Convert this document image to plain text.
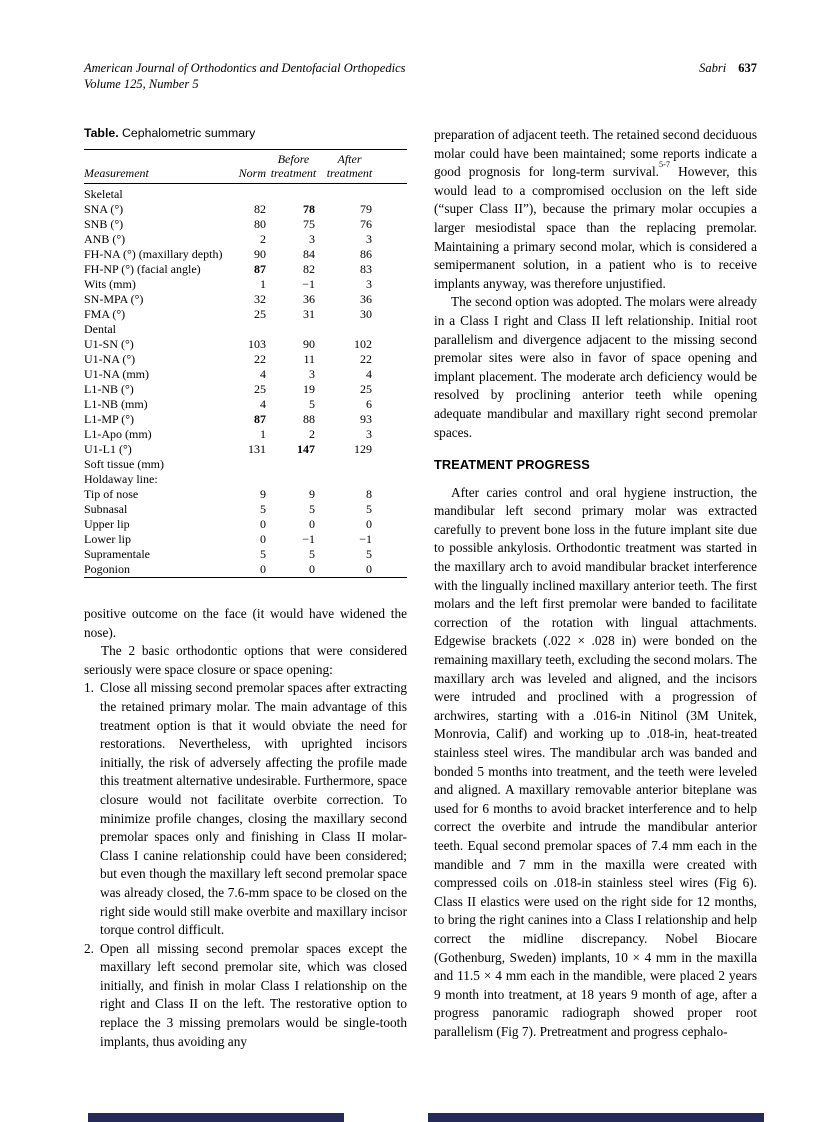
American Journal of Orthodontics and Dentofacial Orthopedics
Volume 125, Number 5
Sabri 637

Table. Cephalometric summary

Measurement	Norm	Before treatment	After treatment	
Skeletal				
SNA (°)	82	78	79	
SNB (°)	80	75	76	
ANB (°)	2	3	3	
FH-NA (°) (maxillary depth)	90	84	86	
FH-NP (°) (facial angle)	87	82	83	
Wits (mm)	1	−1	3	
SN-MPA (°)	32	36	36	
FMA (°)	25	31	30	
Dental				
U1-SN (°)	103	90	102	
U1-NA (°)	22	11	22	
U1-NA (mm)	4	3	4	
L1-NB (°)	25	19	25	
L1-NB (mm)	4	5	6	
L1-MP (°)	87	88	93	
L1-Apo (mm)	1	2	3	
U1-L1 (°)	131	147	129	
Soft tissue (mm)				
Holdaway line:				
Tip of nose	9	9	8	
Subnasal	5	5	5	
Upper lip	0	0	0	
Lower lip	0	−1	−1	
Supramentale	5	5	5	
Pogonion	0	0	0	

positive outcome on the face (it would have widened the nose).

The 2 basic orthodontic options that were considered seriously were space closure or space opening:

1. Close all missing second premolar spaces after extracting the retained primary molar. The main advantage of this treatment option is that it would obviate the need for restorations. Nevertheless, with uprighted incisors initially, the risk of adversely affecting the profile made this treatment alternative undesirable. Furthermore, space closure would not facilitate overbite correction. To minimize profile changes, closing the maxillary second premolar spaces only and finishing in Class II molar-Class I canine relationship could have been considered; but even though the maxillary left second premolar space was already closed, the 7.6-mm space to be closed on the right side would still make overbite and maxillary incisor torque control difficult.
2. Open all missing second premolar spaces except the maxillary left second premolar site, which was closed initially, and finish in molar Class I relationship on the right and Class II on the left. The restorative option to replace the 3 missing premolars would be single-tooth implants, thus avoiding any

preparation of adjacent teeth. The retained second deciduous molar could have been maintained; some reports indicate a good prognosis for long-term survival.$^{5-7}$ However, this would lead to a compromised occlusion on the left side (“super Class II”), because the primary molar occupies a larger mesiodistal space than the replacing premolar. Maintaining a primary second molar, which is considered a semipermanent solution, in a patient who is to receive implants anyway, was therefore unjustified.

The second option was adopted. The molars were already in a Class I right and Class II left relationship. Initial root parallelism and divergence adjacent to the missing second premolar sites were also in favor of space opening and implant placement. The moderate arch deficiency would be resolved by proclining anterior teeth while opening adequate mandibular and maxillary right second premolar spaces.

TREATMENT PROGRESS

After caries control and oral hygiene instruction, the mandibular left second primary molar was extracted carefully to prevent bone loss in the future implant site due to possible ankylosis. Orthodontic treatment was started in the maxillary arch to avoid mandibular bracket interference with the lingually inclined maxillary anterior teeth. The first molars and the left first premolar were banded to facilitate correction of the rotation with lingual attachments. Edgewise brackets (.022 × .028 in) were bonded on the remaining maxillary teeth, excluding the second molars. The maxillary arch was leveled and aligned, and the incisors were intruded and proclined with a progression of archwires, starting with a .016-in Nitinol (3M Unitek, Monrovia, Calif) and working up to .018-in, heat-treated stainless steel wires. The mandibular arch was banded and bonded 5 months into treatment, and the teeth were leveled and aligned. A maxillary removable anterior biteplane was used for 6 months to avoid bracket interference and to help correct the overbite and intrude the mandibular anterior teeth. Equal second premolar spaces of 7.4 mm each in the mandible and 7 mm in the maxilla were created with compressed coils on .018-in stainless steel wires (Fig 6). Class II elastics were used on the right side for 12 months, to bring the right canines into a Class I relationship and help correct the midline discrepancy. Nobel Biocare (Gothenburg, Sweden) implants, 10 × 4 mm in the maxilla and 11.5 × 4 mm each in the mandible, were placed 2 years 9 month into treatment, at 18 years 9 month of age, after a progress panoramic radiograph showed proper root parallelism (Fig 7). Pretreatment and progress cephalo-
